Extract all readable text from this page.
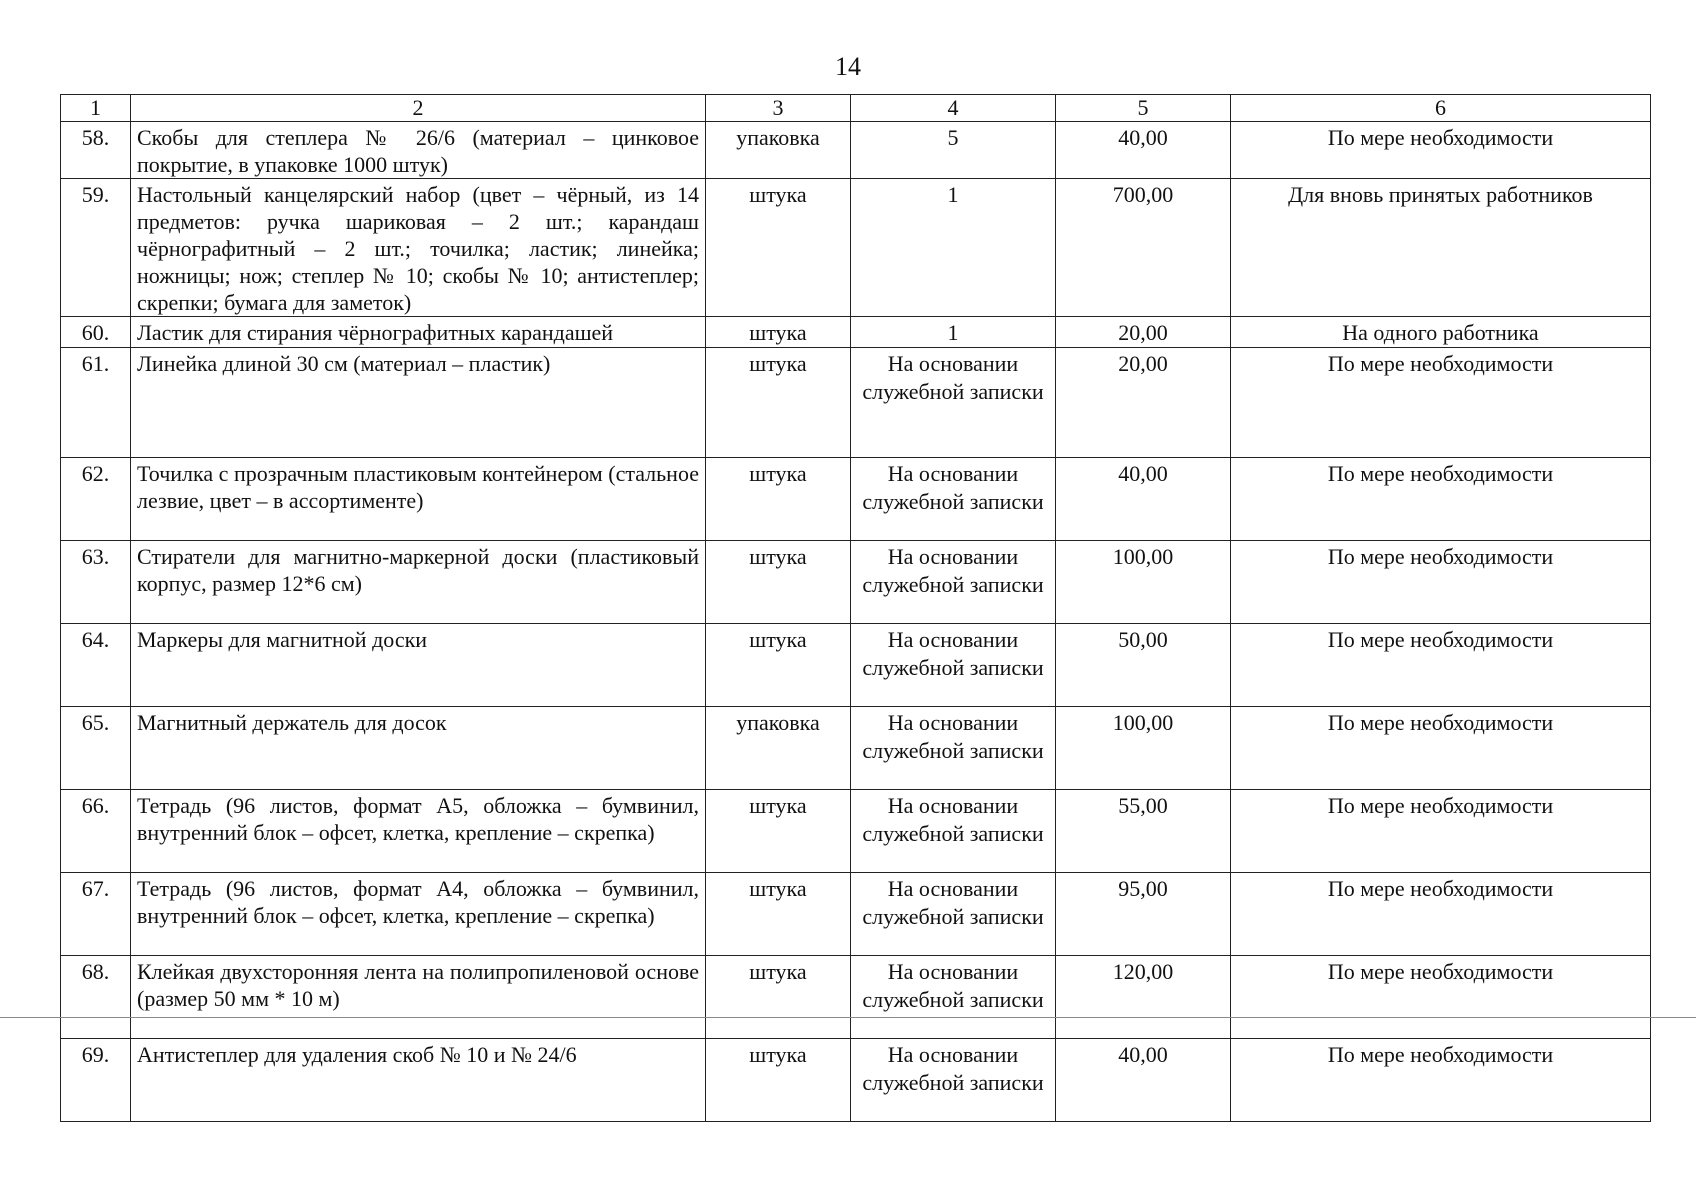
14
1	2	3	4	5	6
58.	Скобы для степлера № 26/6 (материал – цинковое покрытие, в упаковке 1000 штук)	упаковка	5	40,00	По мере необходимости
59.	Настольный канцелярский набор (цвет – чёрный, из 14 предметов: ручка шариковая – 2 шт.; карандаш чёрнографитный – 2 шт.; точилка; ластик; линейка; ножницы; нож; степлер № 10; скобы № 10; антистеплер; скрепки; бумага для заметок)	штука	1	700,00	Для вновь принятых работников
60.	Ластик для стирания чёрнографитных карандашей	штука	1	20,00	На одного работника
61.	Линейка длиной 30 см (материал – пластик)	штука	На основании служебной записки	20,00	По мере необходимости
62.	Точилка с прозрачным пластиковым контейнером (стальное лезвие, цвет – в ассортименте)	штука	На основании служебной записки	40,00	По мере необходимости
63.	Стиратели для магнитно-маркерной доски (пластиковый корпус, размер 12*6 см)	штука	На основании служебной записки	100,00	По мере необходимости
64.	Маркеры для магнитной доски	штука	На основании служебной записки	50,00	По мере необходимости
65.	Магнитный держатель для досок	упаковка	На основании служебной записки	100,00	По мере необходимости
66.	Тетрадь (96 листов, формат А5, обложка – бумвинил, внутренний блок – офсет, клетка, крепление – скрепка)	штука	На основании служебной записки	55,00	По мере необходимости
67.	Тетрадь (96 листов, формат А4, обложка – бумвинил, внутренний блок – офсет, клетка, крепление – скрепка)	штука	На основании служебной записки	95,00	По мере необходимости
68.	Клейкая двухсторонняя лента на полипропиленовой основе (размер 50 мм * 10 м)	штука	На основании служебной записки	120,00	По мере необходимости
69.	Антистеплер для удаления скоб № 10 и № 24/6	штука	На основании служебной записки	40,00	По мере необходимости
